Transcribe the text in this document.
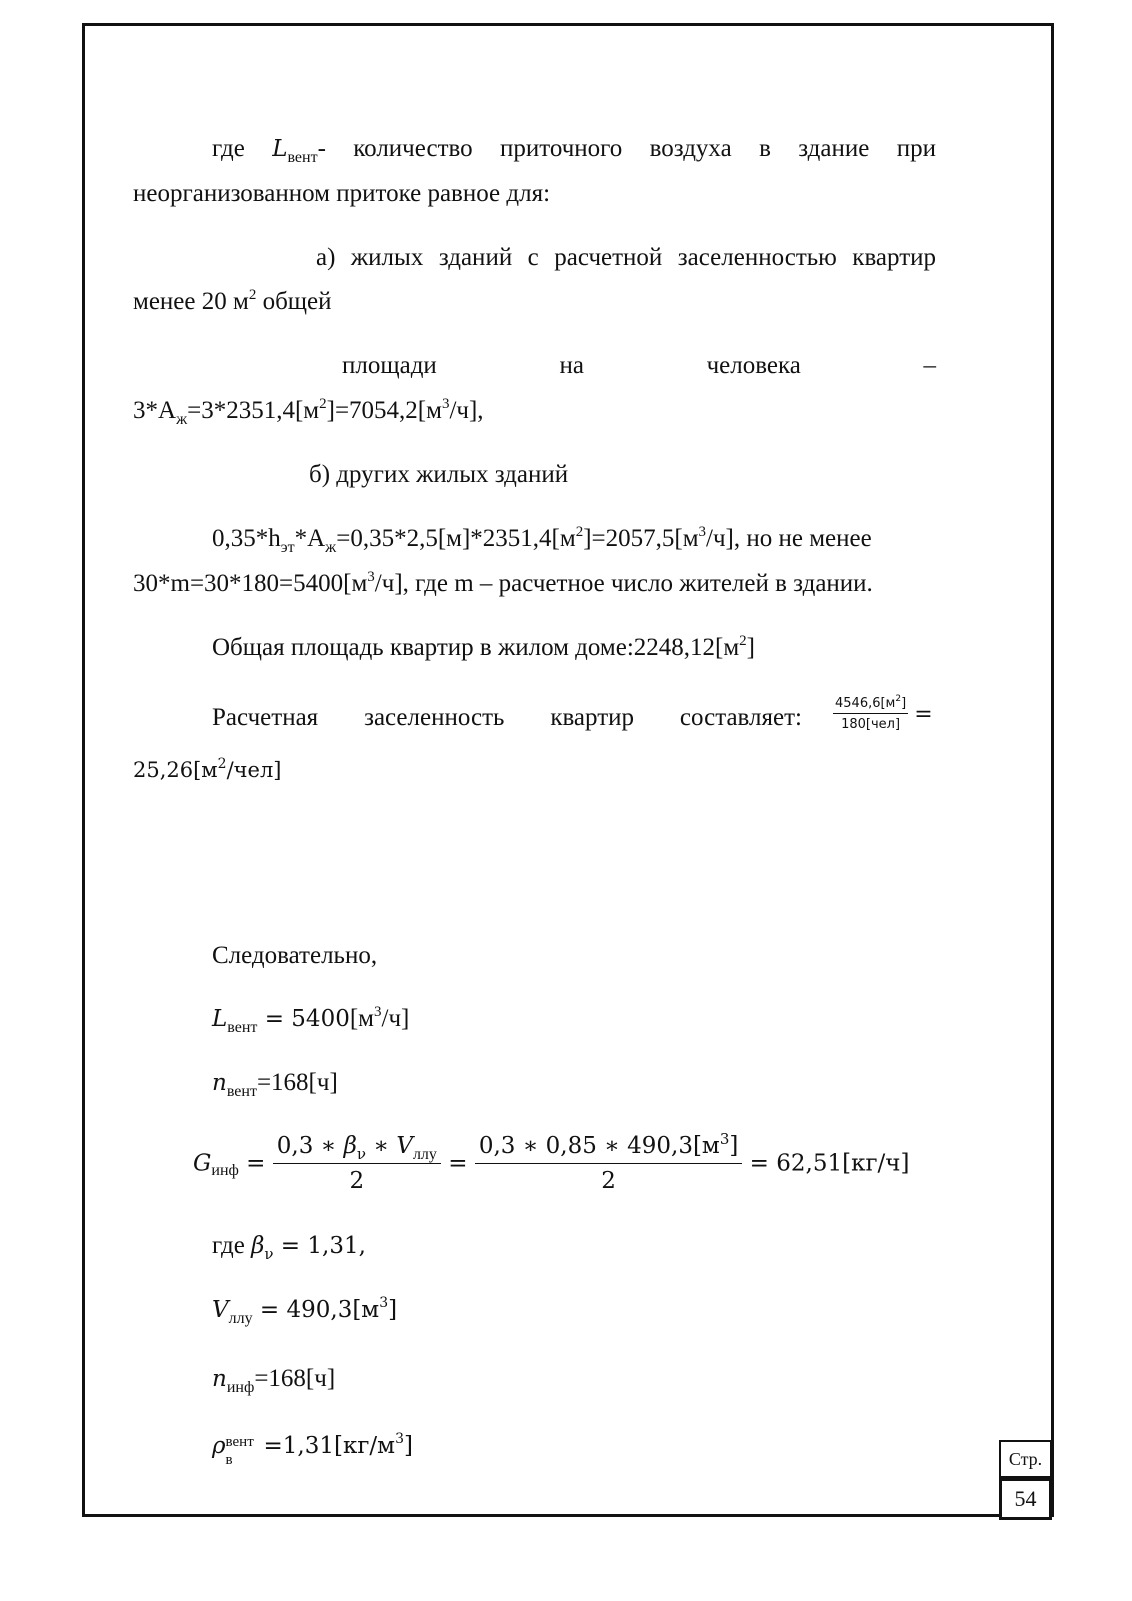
где $L_{вент}-$ количество приточного воздуха в здание при
неорганизованном притоке равное для:
а) жилых зданий с расчетной заселенностью квартир
менее 20 $м^2$ общей
площади	на	человека	–
$3*А_ж=3*2351,4[м^2]=7054,2[м^3/ч]$,
б) других жилых зданий
$0,35*h_{эт}*А_ж=0,35*2,5[м]*2351,4[м^2]=2057,5[м^3/ч]$, но не менее
$30*m=30*180=5400[м^3/ч]$, где m – расчетное число жителей в здании.
Общая площадь квартир в жилом $доме:2248,12[м^2]$
Расчетная заселенность квартир составляет: $\frac{4546,6[м^2]}{\text{180[чел]}}$ =
$25,26[м^2/чел]$
Следовательно,
$L_{вент} = 5400[м^3/ч]$
$n_{вент}=168[ч]$
$G_{инф} = \frac{0,3 ∗ \beta_\nu ∗ V_{ллу}}{2} = \frac{0,3 ∗ 0,85 ∗ 490,3[м^3]}{2} = 62,51[кг/ч]$
где $\beta_\nu = 1,31$,
$V_{ллу} = 490,3[м^3]$
$n_{инф}=168[ч]$
ρ вент
в
$=1,31[кг/м^3]$	Стр.
54
